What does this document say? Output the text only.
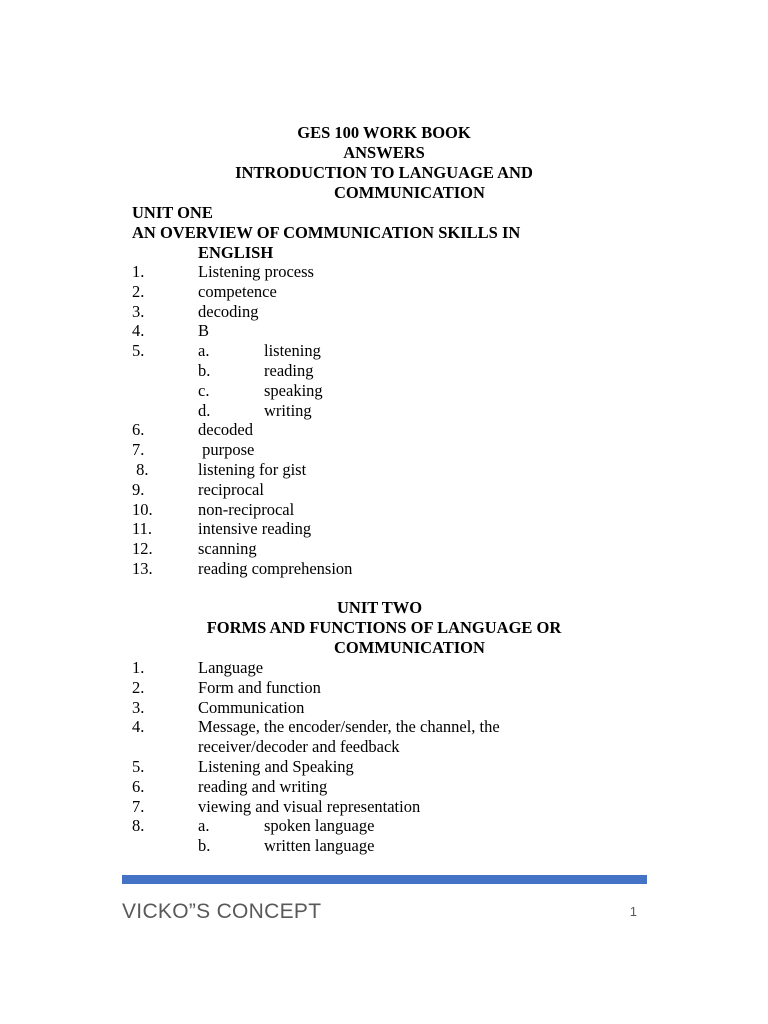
GES 100 WORK BOOK
ANSWERS
INTRODUCTION TO LANGUAGE AND
COMMUNICATION
UNIT ONE
AN OVERVIEW OF COMMUNICATION SKILLS IN
ENGLISH
1.	Listening process
2.	competence
3.	decoding
4.	B
5.	a.	listening
b.	reading
c.	speaking
d.	writing
6.	decoded
7.	purpose
8.	listening for gist
9.	reciprocal
10.	non-reciprocal
11.	intensive reading
12.	scanning
13.	reading comprehension
UNIT TWO
FORMS AND FUNCTIONS OF LANGUAGE OR
COMMUNICATION
1.	Language
2.	Form and function
3.	Communication
4.	Message, the encoder/sender, the channel, the
receiver/decoder and feedback
5.	Listening and Speaking
6.	reading and writing
7.	viewing and visual representation
8.	a.	spoken language
b.	written language
VICKO”S CONCEPT	1
